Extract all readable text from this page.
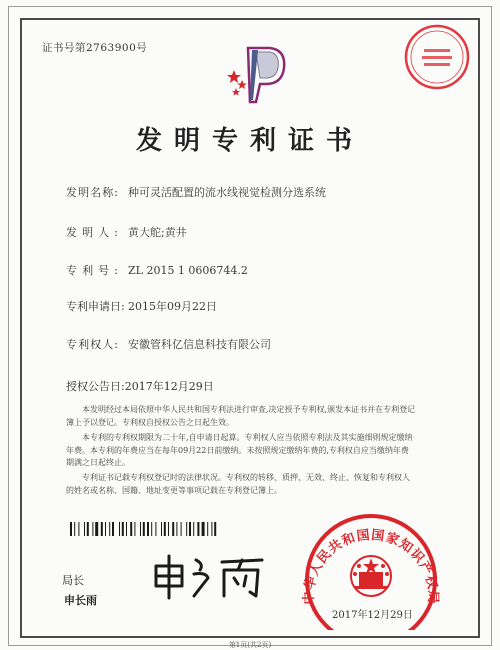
证书号第2763900号
发明专利证书
发明名称: 种可灵活配置的流水线视觉检测分选系统
发明人: 黄大舵;黄井
专利号: ZL 2015 1 0606744.2
专利申请日: 2015年09月22日
专利权人: 安徽管科亿信息科技有限公司
授权公告日:2017年12月29日
本发明经过本局依照中华人民共和国专利法进行审查,决定授予专利权,颁发本证书并在专利登记簿上予以登记。专利权自授权公告之日起生效。
本专利的专利权期限为二十年,自申请日起算。专利权人应当依照专利法及其实施细则规定缴纳年费。本专利的年费应当在每年09月22日前缴纳。未按照规定缴纳年费的,专利权自应当缴纳年费期满之日起终止。
专利证书记载专利权登记时的法律状况。专利权的转移、质押、无效、终止、恢复和专利权人的姓名或名称、国籍、地址变更等事项记载在专利登记簿上。
局长
申长雨	中华人民共和国国家知识产权局
2017年12月29日
第1页(共2页)
